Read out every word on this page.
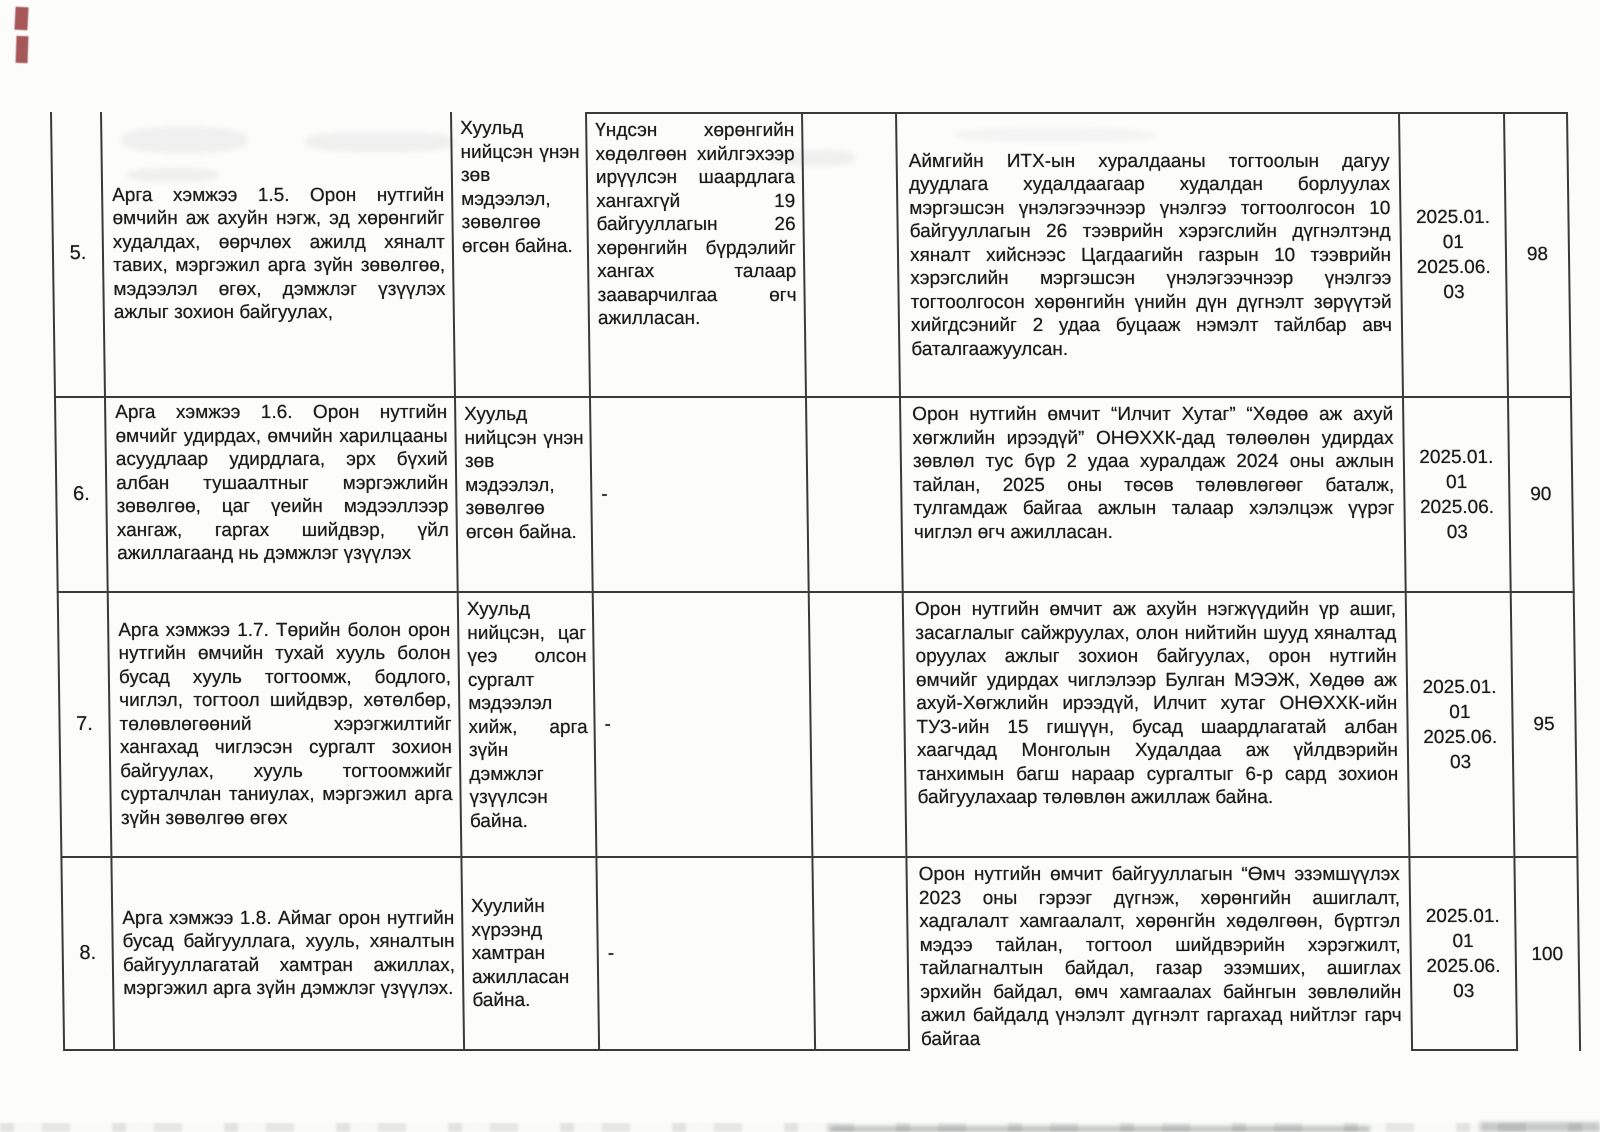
5.
Арга хэмжээ 1.5. Орон нутгийн өмчийн аж ахуйн нэгж, эд хөрөнгийг худалдах, өөрчлөх ажилд хяналт тавих, мэргэжил арга зүйн зөвөлгөө, мэдээлэл өгөх, дэмжлэг үзүүлэх ажлыг зохион байгуулах,
Хуульд нийцсэн үнэн зөв мэдээлэл, зөвөлгөө өгсөн байна.
Үндсэн хөрөнгийн хөдөлгөөн хийлгэхээр ирүүлсэн шаардлага хангахгүй 19 байгууллагын 26 хөрөнгийн бүрдэлийг хангах талаар зааварчилгаа өгч ажилласан.
Аймгийн ИТХ-ын хуралдааны тогтоолын дагуу дуудлага худалдаагаар худалдан борлуулах мэргэшсэн үнэлэгээчнээр үнэлгээ тогтоолгосон 10 байгууллагын 26 тээврийн хэрэгслийн дүгнэлтэнд хяналт хийснээс Цагдаагийн газрын 10 тээврийн хэрэгслийн мэргэшсэн үнэлэгээчнээр үнэлгээ тогтоолгосон хөрөнгийн үнийн дүн дүгнэлт зөрүүтэй хийгдсэнийг 2 удаа буцааж нэмэлт тайлбар авч баталгаажуулсан.
2025.01.
01
2025.06.
03
98
6.
Арга хэмжээ 1.6. Орон нутгийн өмчийг удирдах, өмчийн харилцааны асуудлаар удирдлага, эрх бүхий албан тушаалтныг мэргэжлийн зөвөлгөө, цаг үеийн мэдээллээр хангаж, гаргах шийдвэр, үйл ажиллагаанд нь дэмжлэг үзүүлэх
Хуульд нийцсэн үнэн зөв мэдээлэл, зөвөлгөө өгсөн байна.
-
Орон нутгийн өмчит “Илчит Хутаг” “Хөдөө аж ахуй хөгжлийн ирээдүй” ОНӨХХК-дад төлөөлөн удирдах зөвлөл тус бүр 2 удаа хуралдаж 2024 оны ажлын тайлан, 2025 оны төсөв төлөвлөгөөг баталж, тулгамдаж байгаа ажлын талаар хэлэлцэж үүрэг чиглэл өгч ажилласан.
2025.01.
01
2025.06.
03
90
7.
Арга хэмжээ 1.7. Төрийн болон орон нутгийн өмчийн тухай хууль болон бусад хууль тогтоомж, бодлого, чиглэл, тогтоол шийдвэр, хөтөлбөр, төлөвлөгөөний хэрэгжилтийг хангахад чиглэсэн сургалт зохион байгуулах, хууль тогтоомжийг сурталчлан таниулах, мэргэжил арга зүйн зөвөлгөө өгөх
Хуульд нийцсэн, цаг үеэ олсон сургалт мэдээлэл хийж, арга зүйн дэмжлэг үзүүлсэн байна.
-
Орон нутгийн өмчит аж ахуйн нэгжүүдийн үр ашиг, засаглалыг сайжруулах, олон нийтийн шууд хяналтад оруулах ажлыг зохион байгуулах, орон нутгийн өмчийг удирдах чиглэлээр Булган МЭЭЖ, Хөдөө аж ахуй-Хөгжлийн ирээдүй, Илчит хутаг ОНӨХХК-ийн ТУЗ-ийн 15 гишүүн, бусад шаардлагатай албан хаагчдад Монголын Худалдаа аж үйлдвэрийн танхимын багш нараар сургалтыг 6-р сард зохион байгуулахаар төлөвлөн ажиллаж байна.
2025.01.
01
2025.06.
03
95
8.
Арга хэмжээ 1.8. Аймаг орон нутгийн бусад байгууллага, хууль, хяналтын байгууллагатай хамтран ажиллах, мэргэжил арга зүйн дэмжлэг үзүүлэх.
Хуулийн хүрээнд хамтран ажилласан байна.
-
Орон нутгийн өмчит байгууллагын “Өмч эзэмшүүлэх 2023 оны гэрээг дүгнэж, хөрөнгийн ашиглалт, хадгалалт хамгаалалт, хөрөнгйн хөдөлгөөн, бүртгэл мэдээ тайлан, тогтоол шийдвэрийн хэрэгжилт, тайлагналтын байдал, газар эзэмших, ашиглах эрхийн байдал, өмч хамгаалах байнгын зөвлөлийн ажил байдалд үнэлэлт дүгнэлт гаргахад нийтлэг гарч байгаа
2025.01.
01
2025.06.
03
100
